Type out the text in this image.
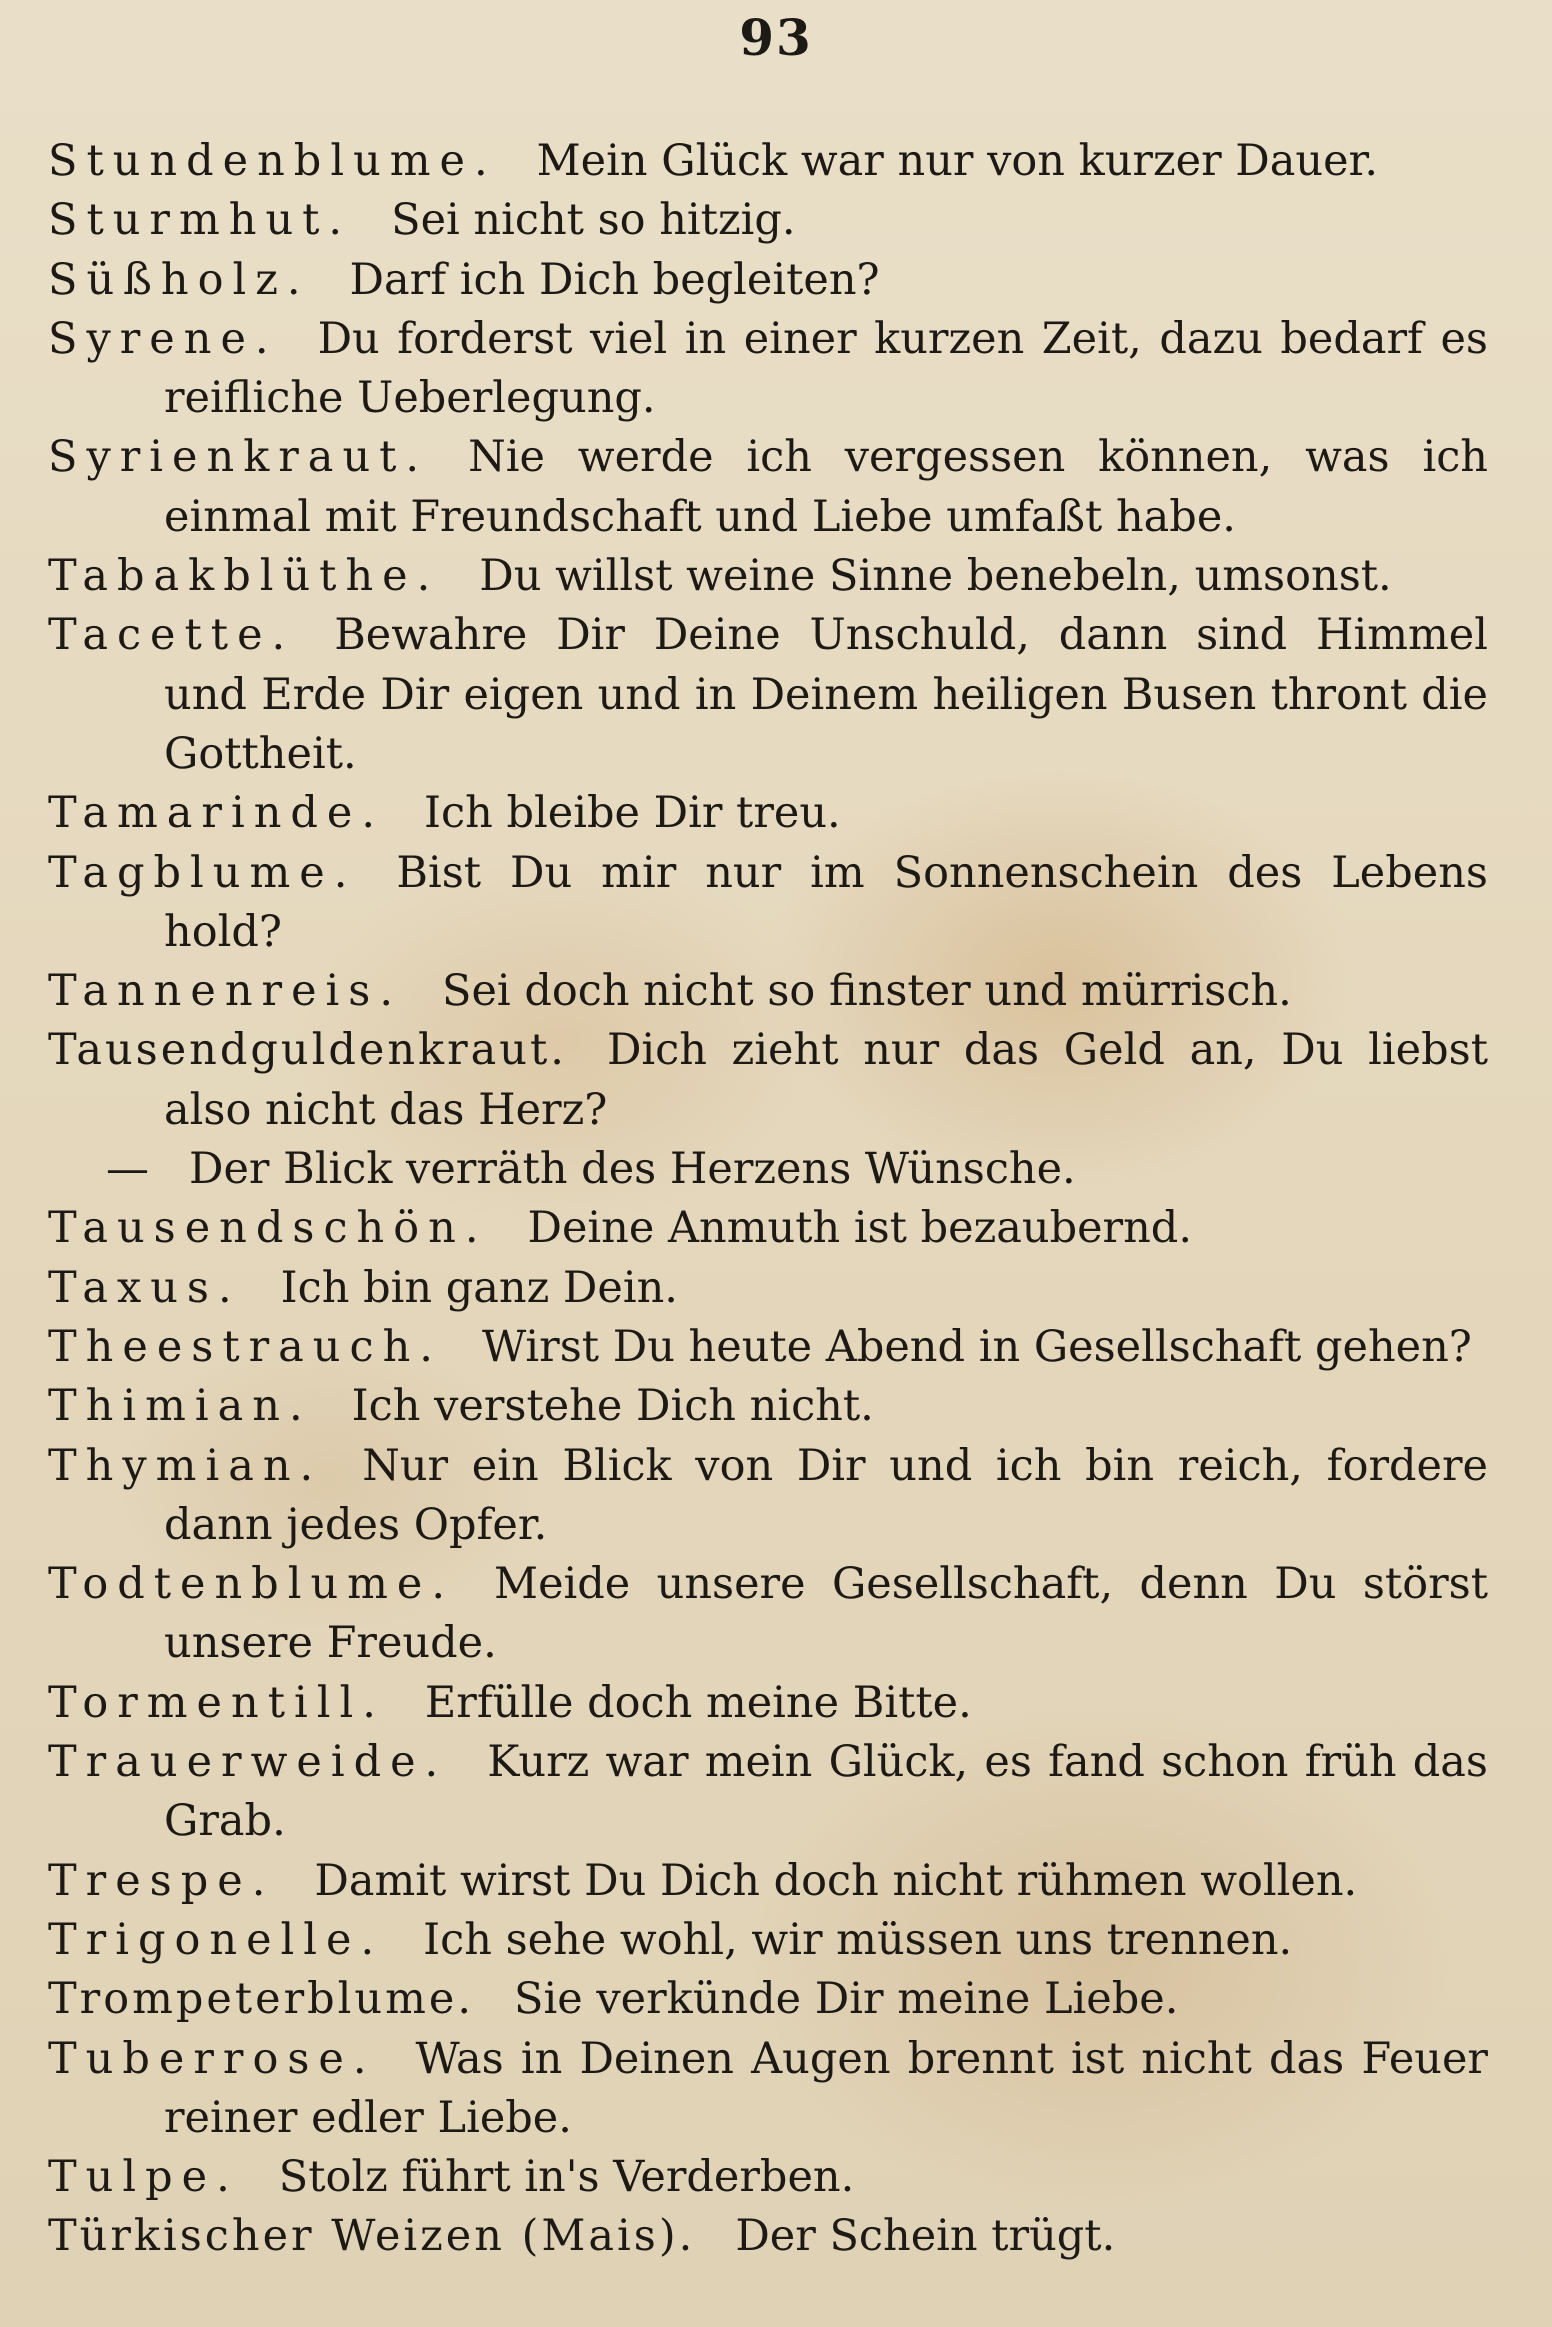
93

Stundenblume. Mein Glück war nur von kurzer Dauer.

Sturmhut. Sei nicht so hitzig.

Süßholz. Darf ich Dich begleiten?

Syrene. Du forderst viel in einer kurzen Zeit, dazu bedarf es reifliche Ueberlegung.

Syrienkraut. Nie werde ich vergessen können, was ich einmal mit Freundschaft und Liebe umfaßt habe.

Tabakblüthe. Du willst weine Sinne benebeln, umsonst.

Tacette. Bewahre Dir Deine Unschuld, dann sind Himmel und Erde Dir eigen und in Deinem heiligen Busen thront die Gottheit.

Tamarinde. Ich bleibe Dir treu.

Tagblume. Bist Du mir nur im Sonnenschein des Lebens hold?

Tannenreis. Sei doch nicht so finster und mürrisch.

Tausendguldenkraut. Dich zieht nur das Geld an, Du liebst also nicht das Herz?

— Der Blick verräth des Herzens Wünsche.

Tausendschön. Deine Anmuth ist bezaubernd.

Taxus. Ich bin ganz Dein.

Theestrauch. Wirst Du heute Abend in Gesellschaft gehen?

Thimian. Ich verstehe Dich nicht.

Thymian. Nur ein Blick von Dir und ich bin reich, fordere dann jedes Opfer.

Todtenblume. Meide unsere Gesellschaft, denn Du störst unsere Freude.

Tormentill. Erfülle doch meine Bitte.

Trauerweide. Kurz war mein Glück, es fand schon früh das Grab.

Trespe. Damit wirst Du Dich doch nicht rühmen wollen.

Trigonelle. Ich sehe wohl, wir müssen uns trennen.

Trompeterblume. Sie verkünde Dir meine Liebe.

Tuberrose. Was in Deinen Augen brennt ist nicht das Feuer reiner edler Liebe.

Tulpe. Stolz führt in's Verderben.

Türkischer Weizen (Mais). Der Schein trügt.
